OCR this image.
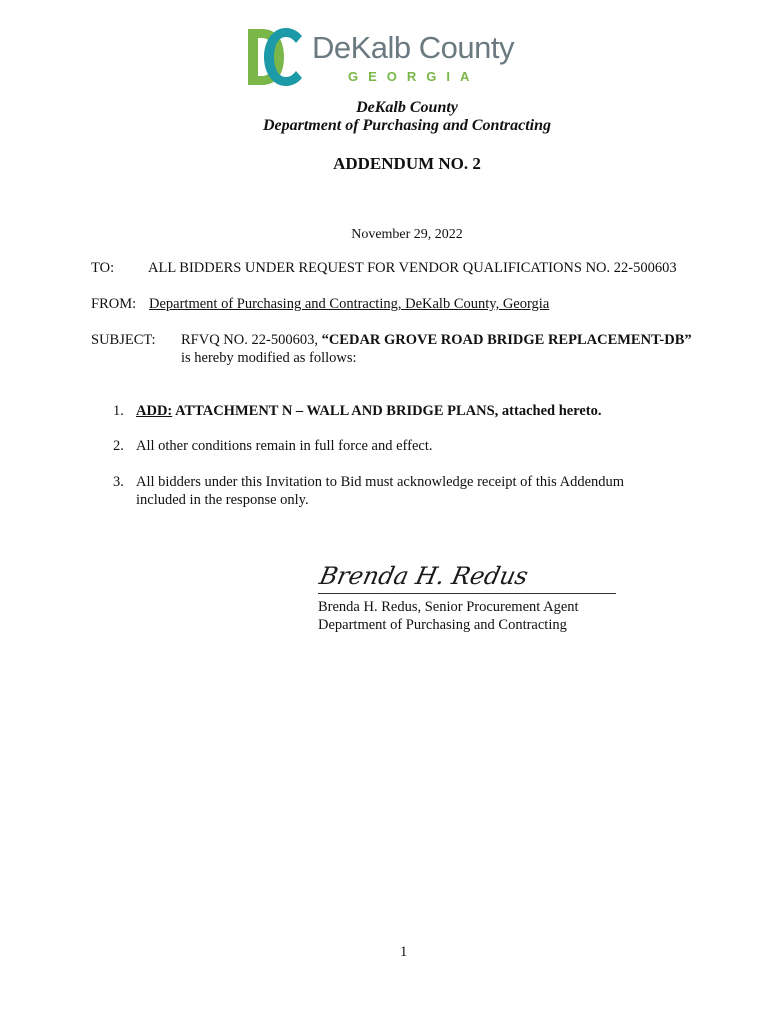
DeKalb County
GEORGIA
DeKalb County
Department of Purchasing and Contracting
ADDENDUM NO. 2
November 29, 2022
TO: ALL BIDDERS UNDER REQUEST FOR VENDOR QUALIFICATIONS NO. 22-500603
FROM: Department of Purchasing and Contracting, DeKalb County, Georgia
SUBJECT: RFVQ NO. 22-500603, “CEDAR GROVE ROAD BRIDGE REPLACEMENT-DB”
is hereby modified as follows:
1. ADD: ATTACHMENT N – WALL AND BRIDGE PLANS, attached hereto.
2. All other conditions remain in full force and effect.
3. All bidders under this Invitation to Bid must acknowledge receipt of this Addendum
included in the response only.
Brenda H. Redus
Brenda H. Redus, Senior Procurement Agent
Department of Purchasing and Contracting
1
